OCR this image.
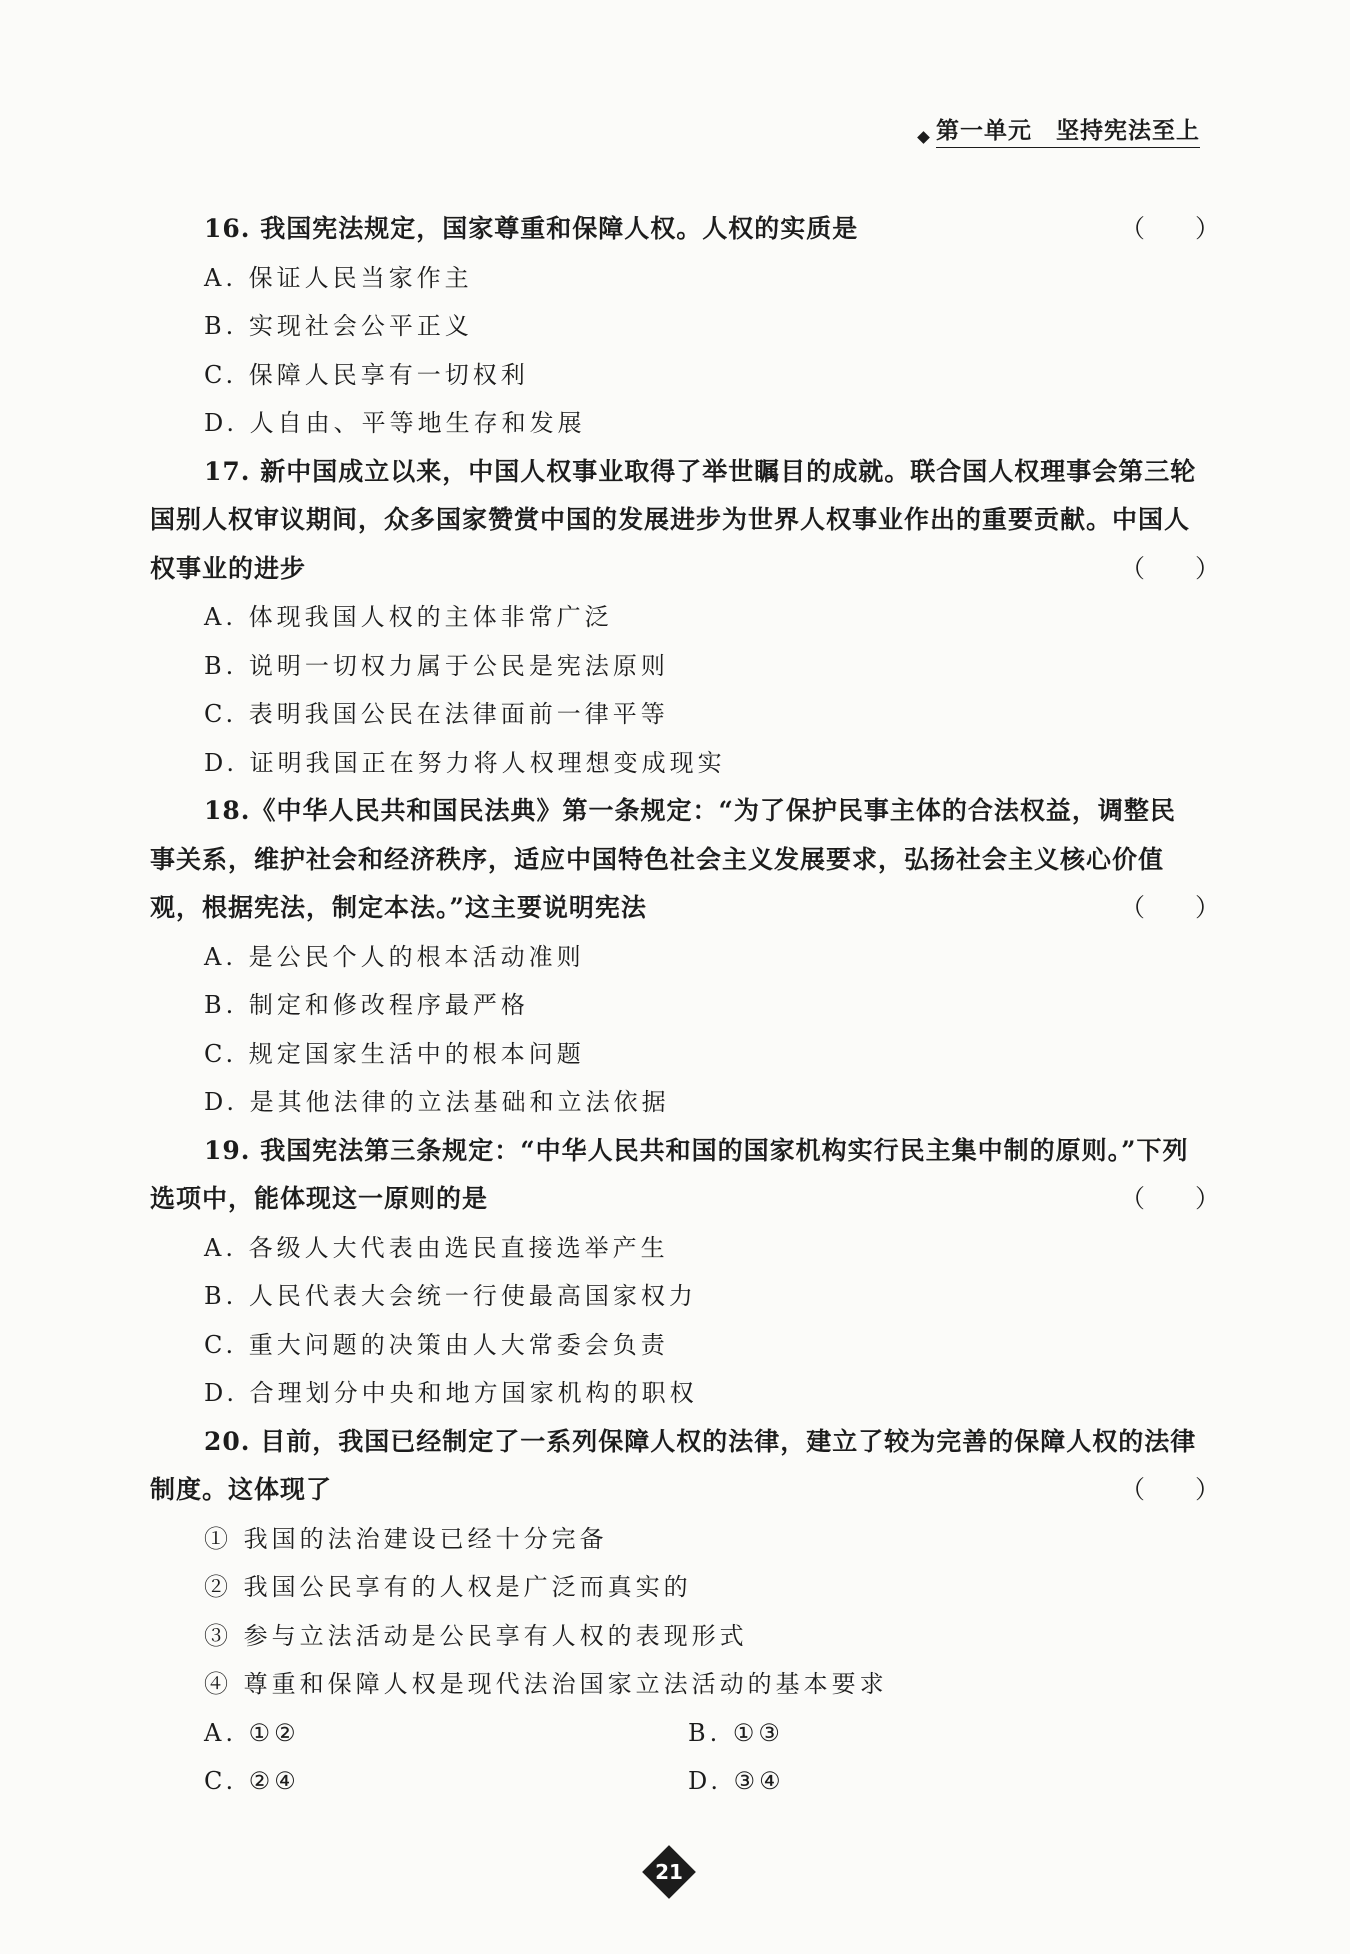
第一单元　坚持宪法至上

（　　）
16. 我国宪法规定，国家尊重和保障人权。人权的实质是

A. 保证人民当家作主

B. 实现社会公平正义

C. 保障人民享有一切权利

D. 人自由、平等地生存和发展

17. 新中国成立以来，中国人权事业取得了举世瞩目的成就。联合国人权理事会第三轮国别人权审议期间，众多国家赞赏中国的发展进步为世界人权事业作出的重要贡献。中国人权事业的进步	（　　）

A. 体现我国人权的主体非常广泛

B. 说明一切权力属于公民是宪法原则

C. 表明我国公民在法律面前一律平等

D. 证明我国正在努力将人权理想变成现实

18.《中华人民共和国民法典》第一条规定：“为了保护民事主体的合法权益，调整民事关系，维护社会和经济秩序，适应中国特色社会主义发展要求，弘扬社会主义核心价值观，根据宪法，制定本法。”这主要说明宪法	（　　）

A. 是公民个人的根本活动准则

B. 制定和修改程序最严格

C. 规定国家生活中的根本问题

D. 是其他法律的立法基础和立法依据

19. 我国宪法第三条规定：“中华人民共和国的国家机构实行民主集中制的原则。”下列选项中，能体现这一原则的是	（　　）

A. 各级人大代表由选民直接选举产生

B. 人民代表大会统一行使最高国家权力

C. 重大问题的决策由人大常委会负责

D. 合理划分中央和地方国家机构的职权

20. 目前，我国已经制定了一系列保障人权的法律，建立了较为完善的保障人权的法律制度。这体现了	（　　）

① 我国的法治建设已经十分完备

② 我国公民享有的人权是广泛而真实的

③ 参与立法活动是公民享有人权的表现形式

④ 尊重和保障人权是现代法治国家立法活动的基本要求

A. ①②	B. ①③

C. ②④	D. ③④

21
